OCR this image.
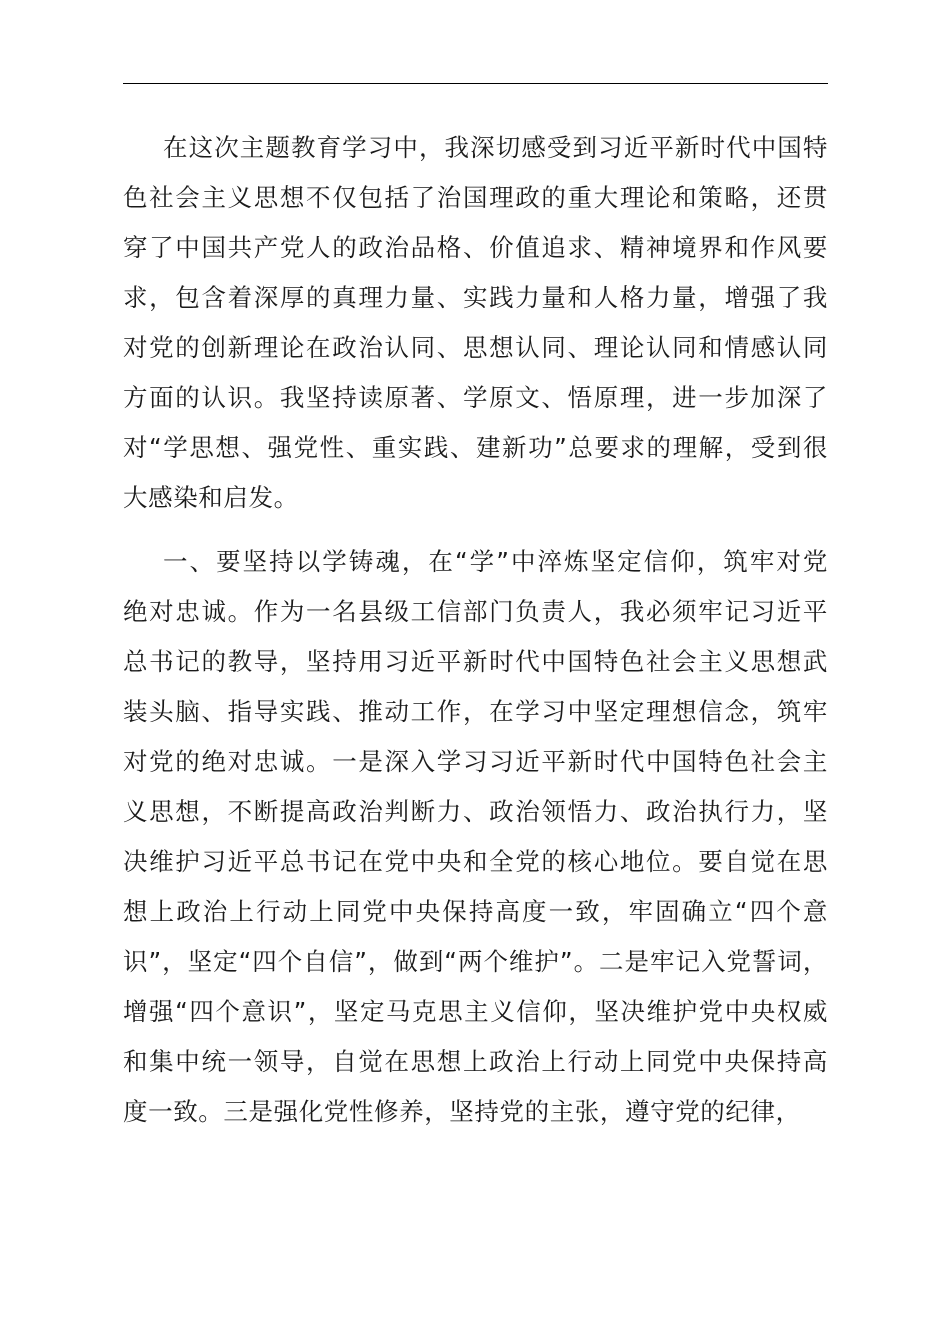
在这次主题教育学习中，我深切感受到习近平新时代中国特
色社会主义思想不仅包括了治国理政的重大理论和策略，还贯
穿了中国共产党人的政治品格、价值追求、精神境界和作风要
求，包含着深厚的真理力量、实践力量和人格力量，增强了我
对党的创新理论在政治认同、思想认同、理论认同和情感认同
方面的认识。我坚持读原著、学原文、悟原理，进一步加深了
对“学思想、强党性、重实践、建新功”总要求的理解，受到很
大感染和启发。

一、要坚持以学铸魂，在“学”中淬炼坚定信仰，筑牢对党
绝对忠诚。作为一名县级工信部门负责人，我必须牢记习近平
总书记的教导，坚持用习近平新时代中国特色社会主义思想武
装头脑、指导实践、推动工作，在学习中坚定理想信念，筑牢
对党的绝对忠诚。一是深入学习习近平新时代中国特色社会主
义思想，不断提高政治判断力、政治领悟力、政治执行力，坚
决维护习近平总书记在党中央和全党的核心地位。要自觉在思
想上政治上行动上同党中央保持高度一致，牢固确立“四个意
识”，坚定“四个自信”，做到“两个维护”。二是牢记入党誓词，
增强“四个意识”，坚定马克思主义信仰，坚决维护党中央权威
和集中统一领导，自觉在思想上政治上行动上同党中央保持高
度一致。三是强化党性修养，坚持党的主张，遵守党的纪律，
